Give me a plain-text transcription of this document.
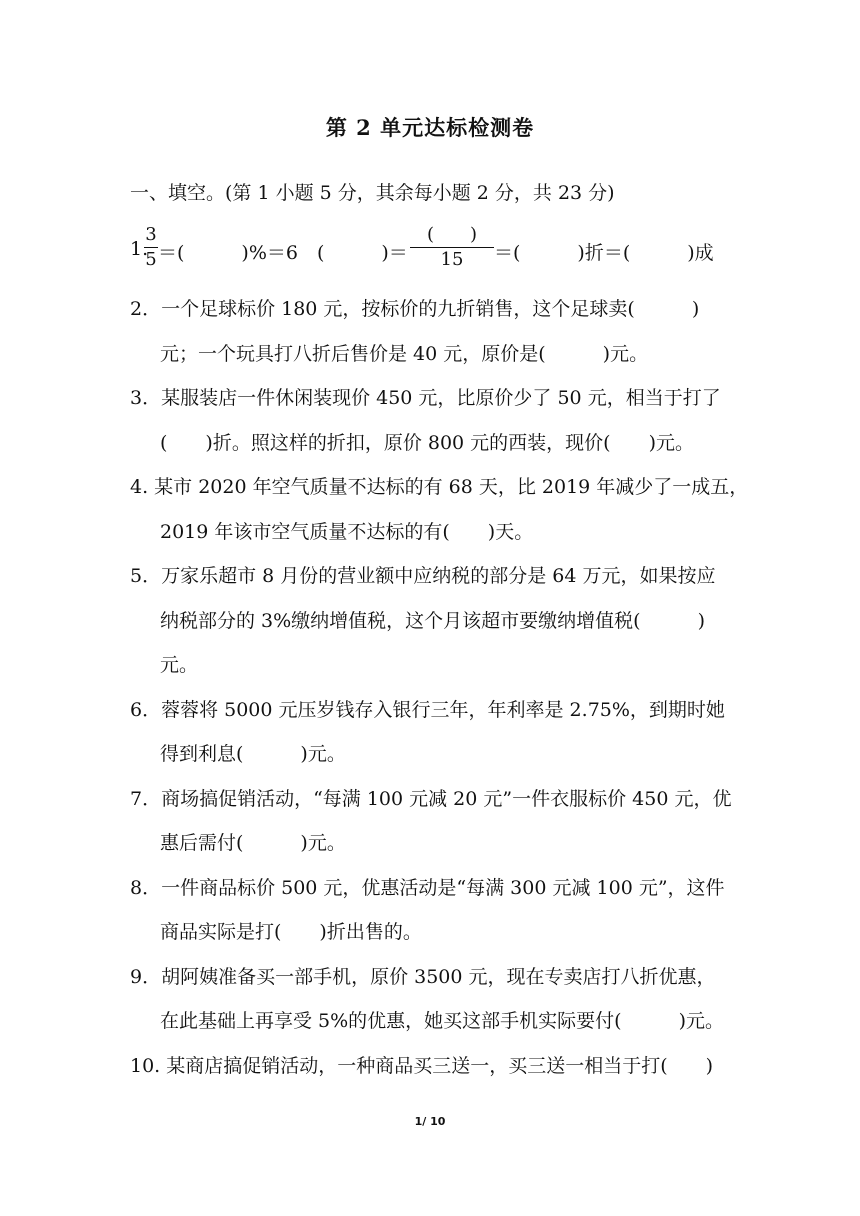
第 2 单元达标检测卷
一、填空。(第 1 小题 5 分，其余每小题 2 分，共 23 分)
1.
3
5 ＝(　　　)%＝6　(　　　)＝
(　　)
15	＝(　　　)折＝(　　　)成
2．一个足球标价 180 元，按标价的九折销售，这个足球卖(　　　)
元；一个玩具打八折后售价是 40 元，原价是(　　　)元。
3．某服装店一件休闲装现价 450 元，比原价少了 50 元，相当于打了
(　　)折。照这样的折扣，原价 800 元的西装，现价(　　)元。
4. 某市 2020 年空气质量不达标的有 68 天，比 2019 年减少了一成五，
2019 年该市空气质量不达标的有(　　)天。
5．万家乐超市 8 月份的营业额中应纳税的部分是 64 万元，如果按应
纳税部分的 3%缴纳增值税，这个月该超市要缴纳增值税(　　　)
元。
6．蓉蓉将 5000 元压岁钱存入银行三年，年利率是 2.75%，到期时她
得到利息(　　　)元。
7．商场搞促销活动，“每满 100 元减 20 元”一件衣服标价 450 元，优
惠后需付(　　　)元。
8．一件商品标价 500 元，优惠活动是“每满 300 元减 100 元”，这件
商品实际是打(　　)折出售的。
9．胡阿姨准备买一部手机，原价 3500 元，现在专卖店打八折优惠，
在此基础上再享受 5%的优惠，她买这部手机实际要付(　　　)元。
10. 某商店搞促销活动，一种商品买三送一，买三送一相当于打(　　)
1/ 10
